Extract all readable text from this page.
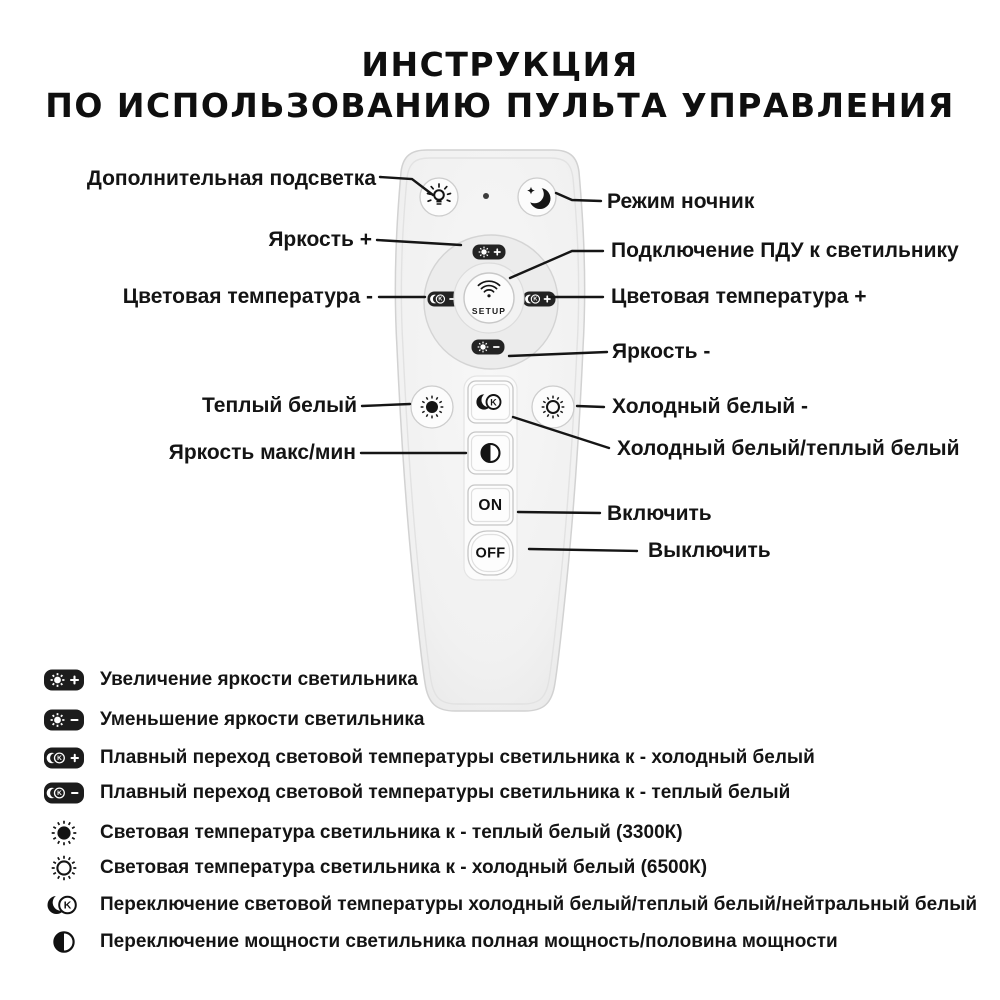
ИНСТРУКЦИЯ
ПО ИСПОЛЬЗОВАНИЮ ПУЛЬТА УПРАВЛЕНИЯ
K	K
SETUP
K
ON
OFF
Дополнительная подсветка
Яркость +
Цветовая температура -
Теплый белый
Яркость макс/мин
Режим ночник
Подключение ПДУ к светильнику
Цветовая температура +
Яркость -
Холодный белый -
Холодный белый/теплый белый
Включить
Выключить
Увеличение яркости светильника
Уменьшение яркости светильника
K Плавный переход световой температуры светильника к - холодный белый
K Плавный переход световой температуры светильника к - теплый белый
Световая температура светильника к - теплый белый (3300К)
Световая температура светильника к - холодный белый (6500К)
K Переключение световой температуры холодный белый/теплый белый/нейтральный белый
Переключение мощности светильника полная мощность/половина мощности
